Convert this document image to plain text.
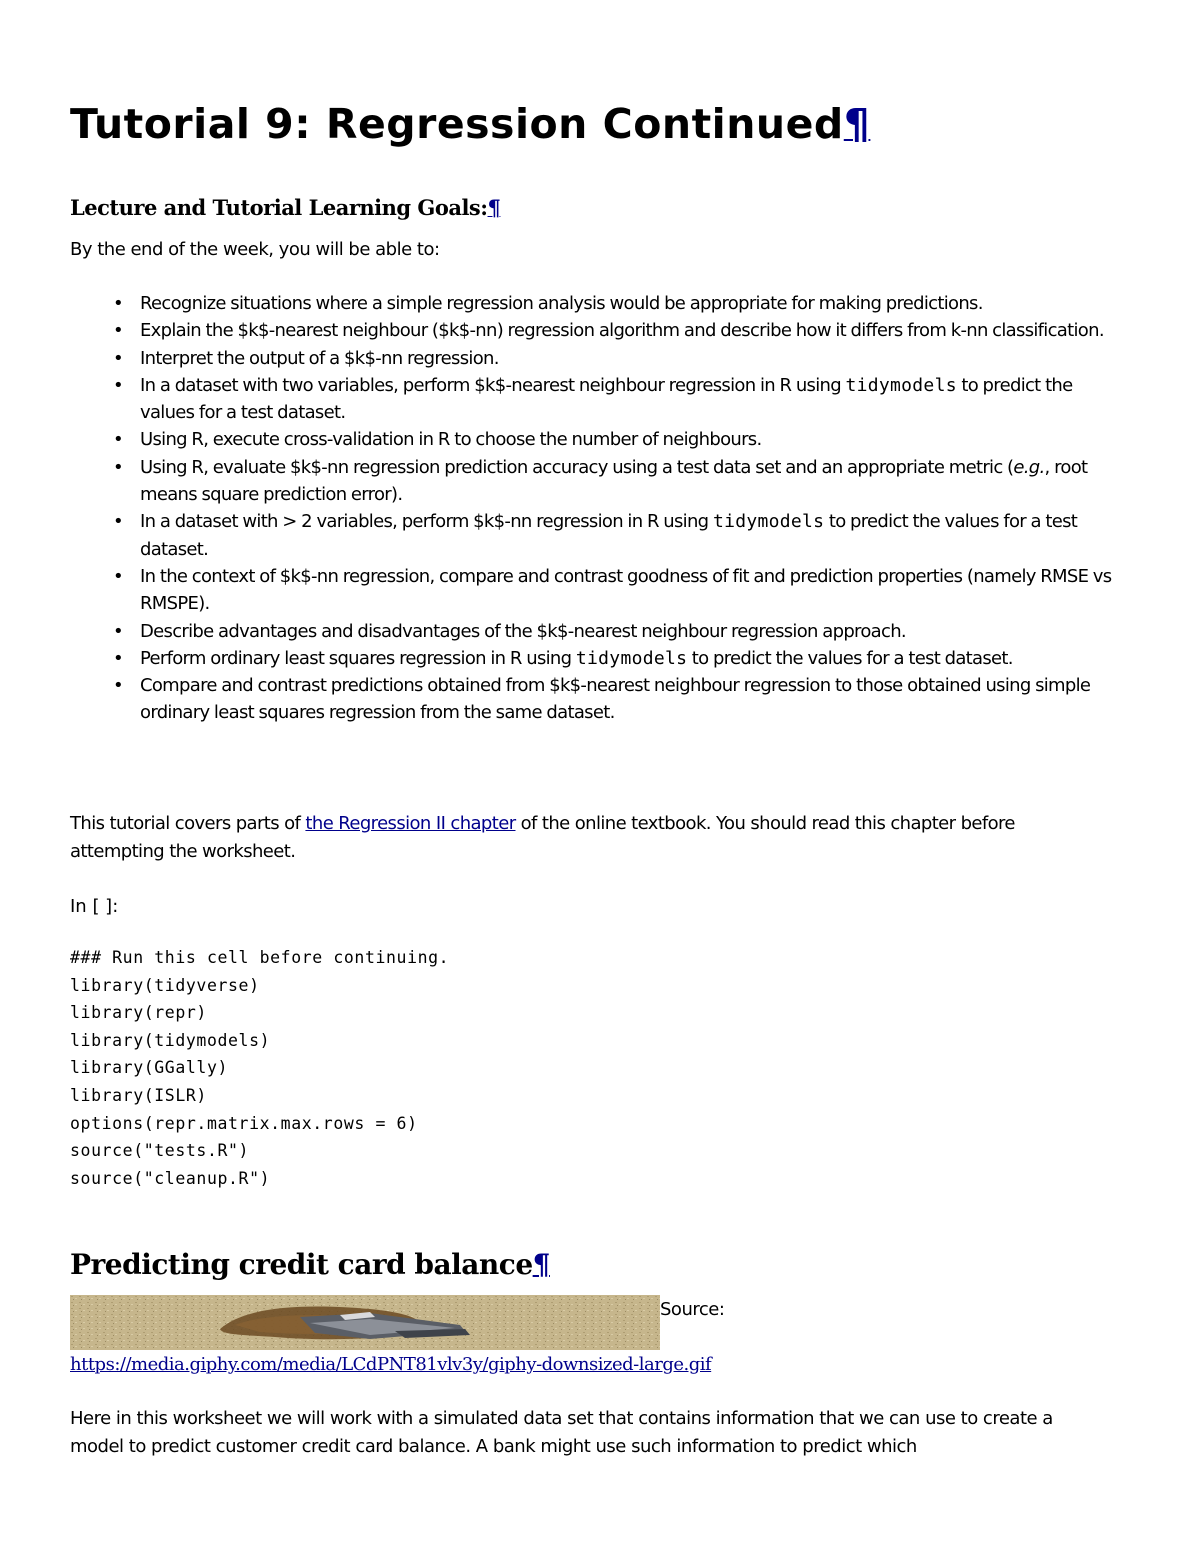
Tutorial 9: Regression Continued¶
Lecture and Tutorial Learning Goals:¶

By the end of the week, you will be able to:

• Recognize situations where a simple regression analysis would be appropriate for making predictions.
• Explain the $k$-nearest neighbour ($k$-nn) regression algorithm and describe how it differs from k-nn classification.
• Interpret the output of a $k$-nn regression.
• In a dataset with two variables, perform $k$-nearest neighbour regression in R using tidymodels to predict the values for a test dataset.
• Using R, execute cross-validation in R to choose the number of neighbours.
• Using R, evaluate $k$-nn regression prediction accuracy using a test data set and an appropriate metric (e.g., root means square prediction error).
• In a dataset with > 2 variables, perform $k$-nn regression in R using tidymodels to predict the values for a test dataset.
• In the context of $k$-nn regression, compare and contrast goodness of fit and prediction properties (namely RMSE vs RMSPE).
• Describe advantages and disadvantages of the $k$-nearest neighbour regression approach.
• Perform ordinary least squares regression in R using tidymodels to predict the values for a test dataset.
• Compare and contrast predictions obtained from $k$-nearest neighbour regression to those obtained using simple ordinary least squares regression from the same dataset.

This tutorial covers parts of the Regression II chapter of the online textbook. You should read this chapter before attempting the worksheet.

In [ ]:

### Run this cell before continuing.
library(tidyverse)
library(repr)
library(tidymodels)
library(GGally)
library(ISLR)
options(repr.matrix.max.rows = 6)
source("tests.R")
source("cleanup.R")
Predicting credit card balance¶

Source:

https://media.giphy.com/media/LCdPNT81vlv3y/giphy-downsized-large.gif

Here in this worksheet we will work with a simulated data set that contains information that we can use to create a model to predict customer credit card balance. A bank might use such information to predict which
